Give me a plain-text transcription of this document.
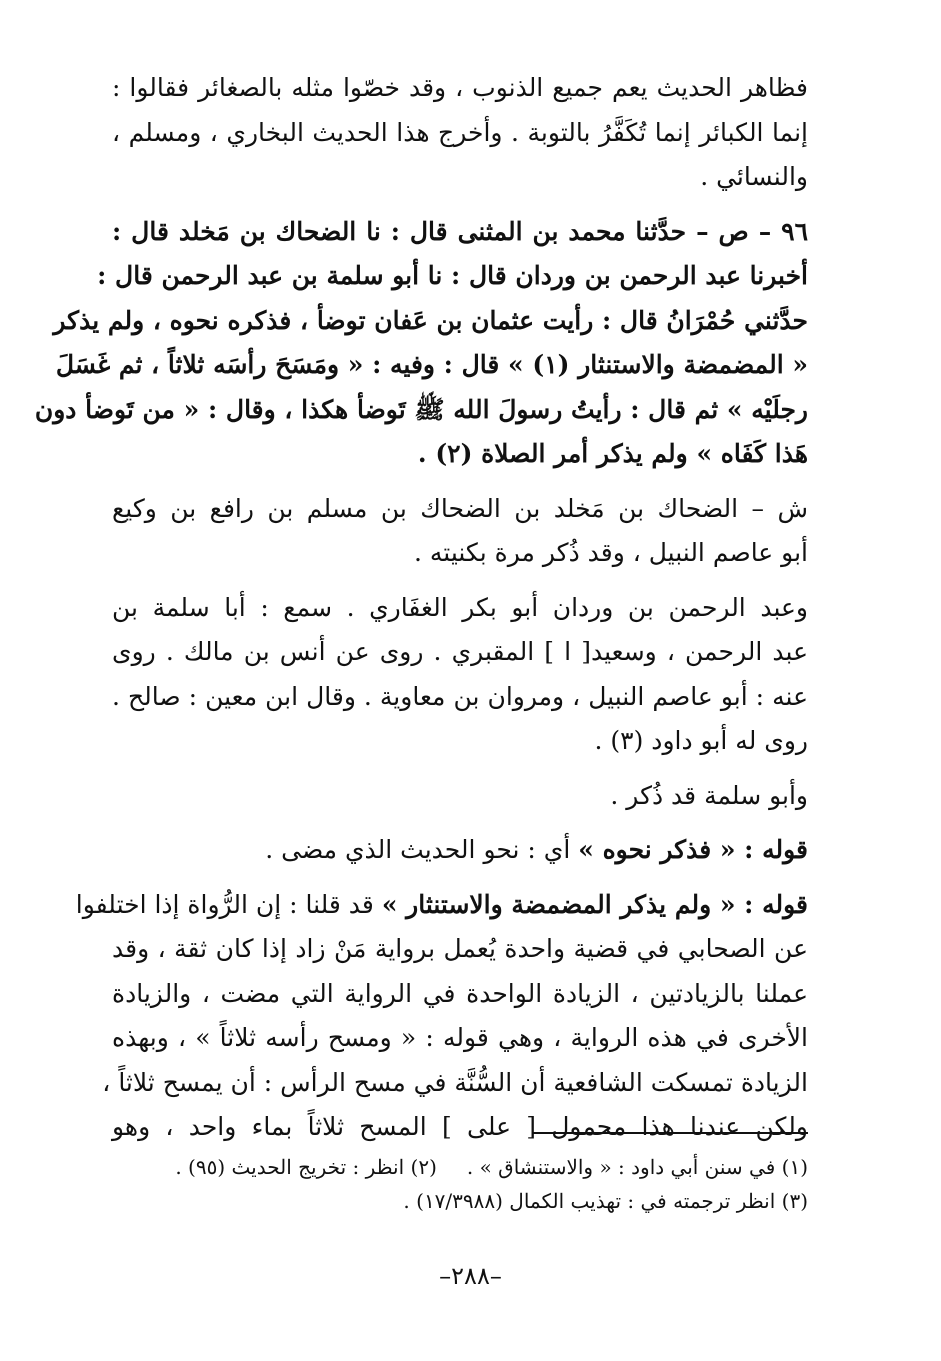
فظاهر الحديث يعم جميع الذنوب ، وقد خصّوا مثله بالصغائر فقالوا :
إنما الكبائر إنما تُكَفَّرُ بالتوبة . وأخرج هذا الحديث البخاري ، ومسلم ،
والنسائي .

٩٦ – ص – حدَّثنا محمد بن المثنى قال : نا الضحاك بن مَخلد قال :
أخبرنا عبد الرحمن بن وردان قال : نا أبو سلمة بن عبد الرحمن قال :
حدَّثني حُمْرَانُ قال : رأيت عثمان بن عَفان توضأ ، فذكره نحوه ، ولم يذكر
« المضمضة والاستنثار (١) » قال : وفيه : « ومَسَحَ رأسَه ثلاثاً ، ثم غَسَلَ
رجلَيْه » ثم قال : رأيتُ رسولَ الله ﷺ تَوضأ هكذا ، وقال : « من تَوضأ دون
هَذا كَفَاه » ولم يذكر أمر الصلاة (٢) .

ش – الضحاك بن مَخلد بن الضحاك بن مسلم بن رافع بن وكيع
أبو عاصم النبيل ، وقد ذُكر مرة بكنيته .

وعبد الرحمن بن وردان أبو بكر الغفَاري . سمع : أبا سلمة بن
عبد الرحمن ، وسعيد[ ا ] المقبري . روى عن أنس بن مالك . روى
عنه : أبو عاصم النبيل ، ومروان بن معاوية . وقال ابن معين : صالح .
روى له أبو داود (٣) .

وأبو سلمة قد ذُكر .

قوله : « فذكر نحوه » أي : نحو الحديث الذي مضى .

قوله : « ولم يذكر المضمضة والاستنثار » قد قلنا : إن الرُّواة إذا اختلفوا
عن الصحابي في قضية واحدة يُعمل برواية مَنْ زاد إذا كان ثقة ، وقد
عملنا بالزيادتين ، الزيادة الواحدة في الرواية التي مضت ، والزيادة
الأخرى في هذه الرواية ، وهي قوله : « ومسح رأسه ثلاثاً » ، وبهذه
الزيادة تمسكت الشافعية أن السُّنَّة في مسح الرأس : أن يمسح ثلاثاً ،
ولكن عندنا هذا محمول [ على ] المسح ثلاثاً بماء واحد ، وهو

(١) في سنن أبي داود : « والاستنشاق » .(٢) انظر : تخريج الحديث (٩٥) .
(٣) انظر ترجمته في : تهذيب الكمال (١٧/٣٩٨٨) .
–٢٨٨–
